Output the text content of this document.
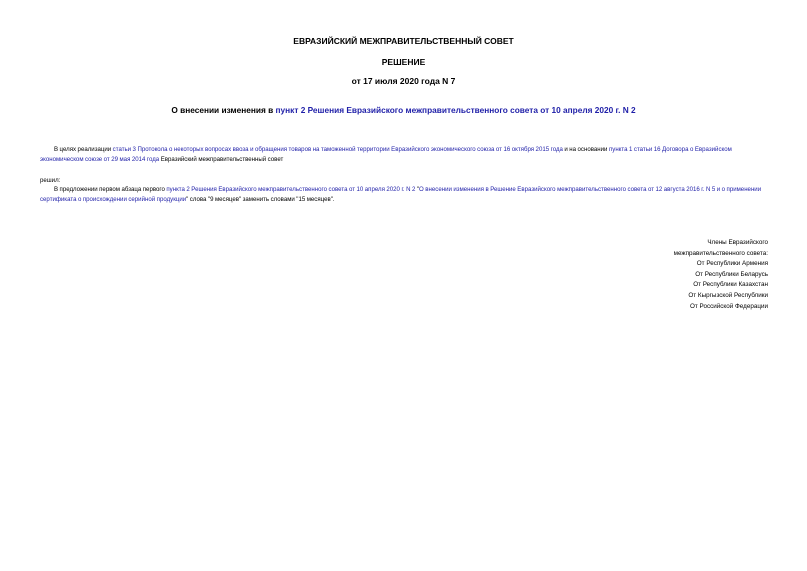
ЕВРАЗИЙСКИЙ МЕЖПРАВИТЕЛЬСТВЕННЫЙ СОВЕТ
РЕШЕНИЕ
от 17 июля 2020 года N 7
О внесении изменения в пункт 2 Решения Евразийского межправительственного совета от 10 апреля 2020 г. N 2
В целях реализации статьи 3 Протокола о некоторых вопросах ввоза и обращения товаров на таможенной территории Евразийского экономического союза от 16 октября 2015 года и на основании пункта 1 статьи 16 Договора о Евразийском экономическом союзе от 29 мая 2014 года Евразийский межправительственный совет
решил:
В предложении первом абзаца первого пункта 2 Решения Евразийского межправительственного совета от 10 апреля 2020 г. N 2 "О внесении изменения в Решение Евразийского межправительственного совета от 12 августа 2016 г. N 5 и о применении сертификата о происхождении серийной продукции" слова "9 месяцев" заменить словами "15 месяцев".
Члены Евразийского
межправительственного совета:
От Республики Армения
От Республики Беларусь
От Республики Казахстан
От Кыргызской Республики
От Российской Федерации
